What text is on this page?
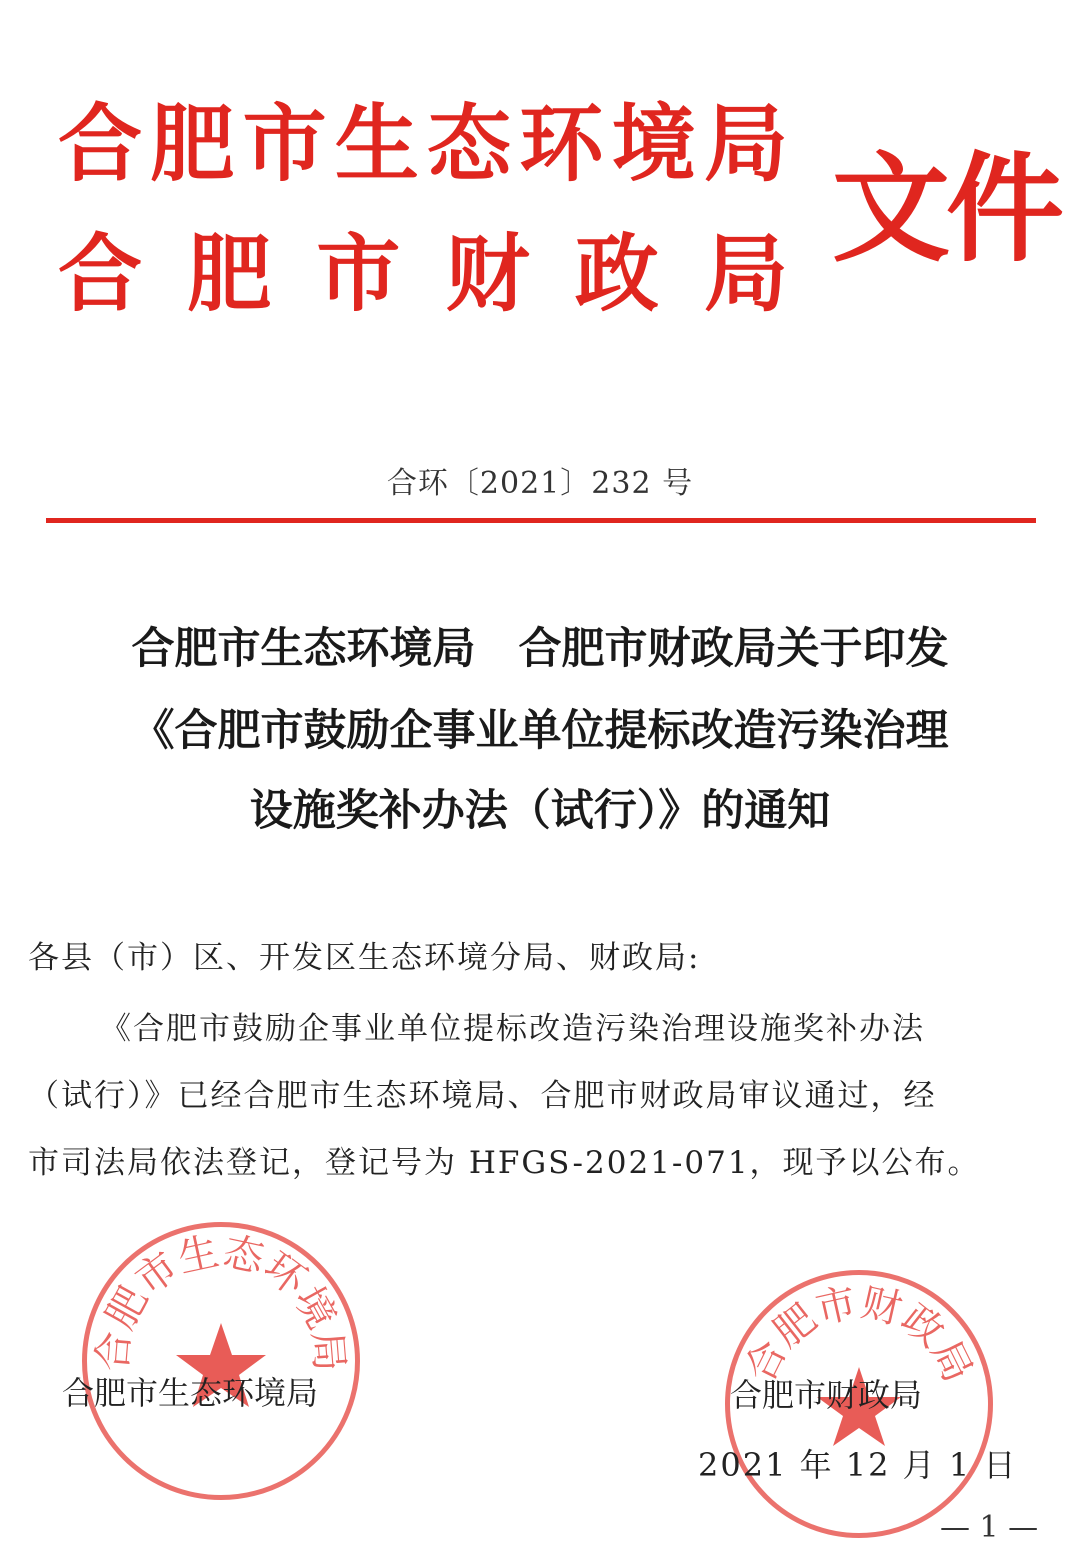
合 肥 市 生 态 环 境 局
合 肥 市 财 政 局 文件
合环〔2021〕232 号
合肥市生态环境局　合肥市财政局关于印发
《合肥市鼓励企事业单位提标改造污染治理
设施奖补办法（试行）》的通知
各县（市）区、开发区生态环境分局、财政局:
《合肥市鼓励企事业单位提标改造污染治理设施奖补办法
（试行）》已经合肥市生态环境局、合肥市财政局审议通过，经
市司法局依法登记，登记号为 HFGS-2021-071，现予以公布。
合肥市生态环境局	合肥市财政局
合肥市生态环境局	合肥市财政局
2021 年 12 月 1 日
— 1 —
